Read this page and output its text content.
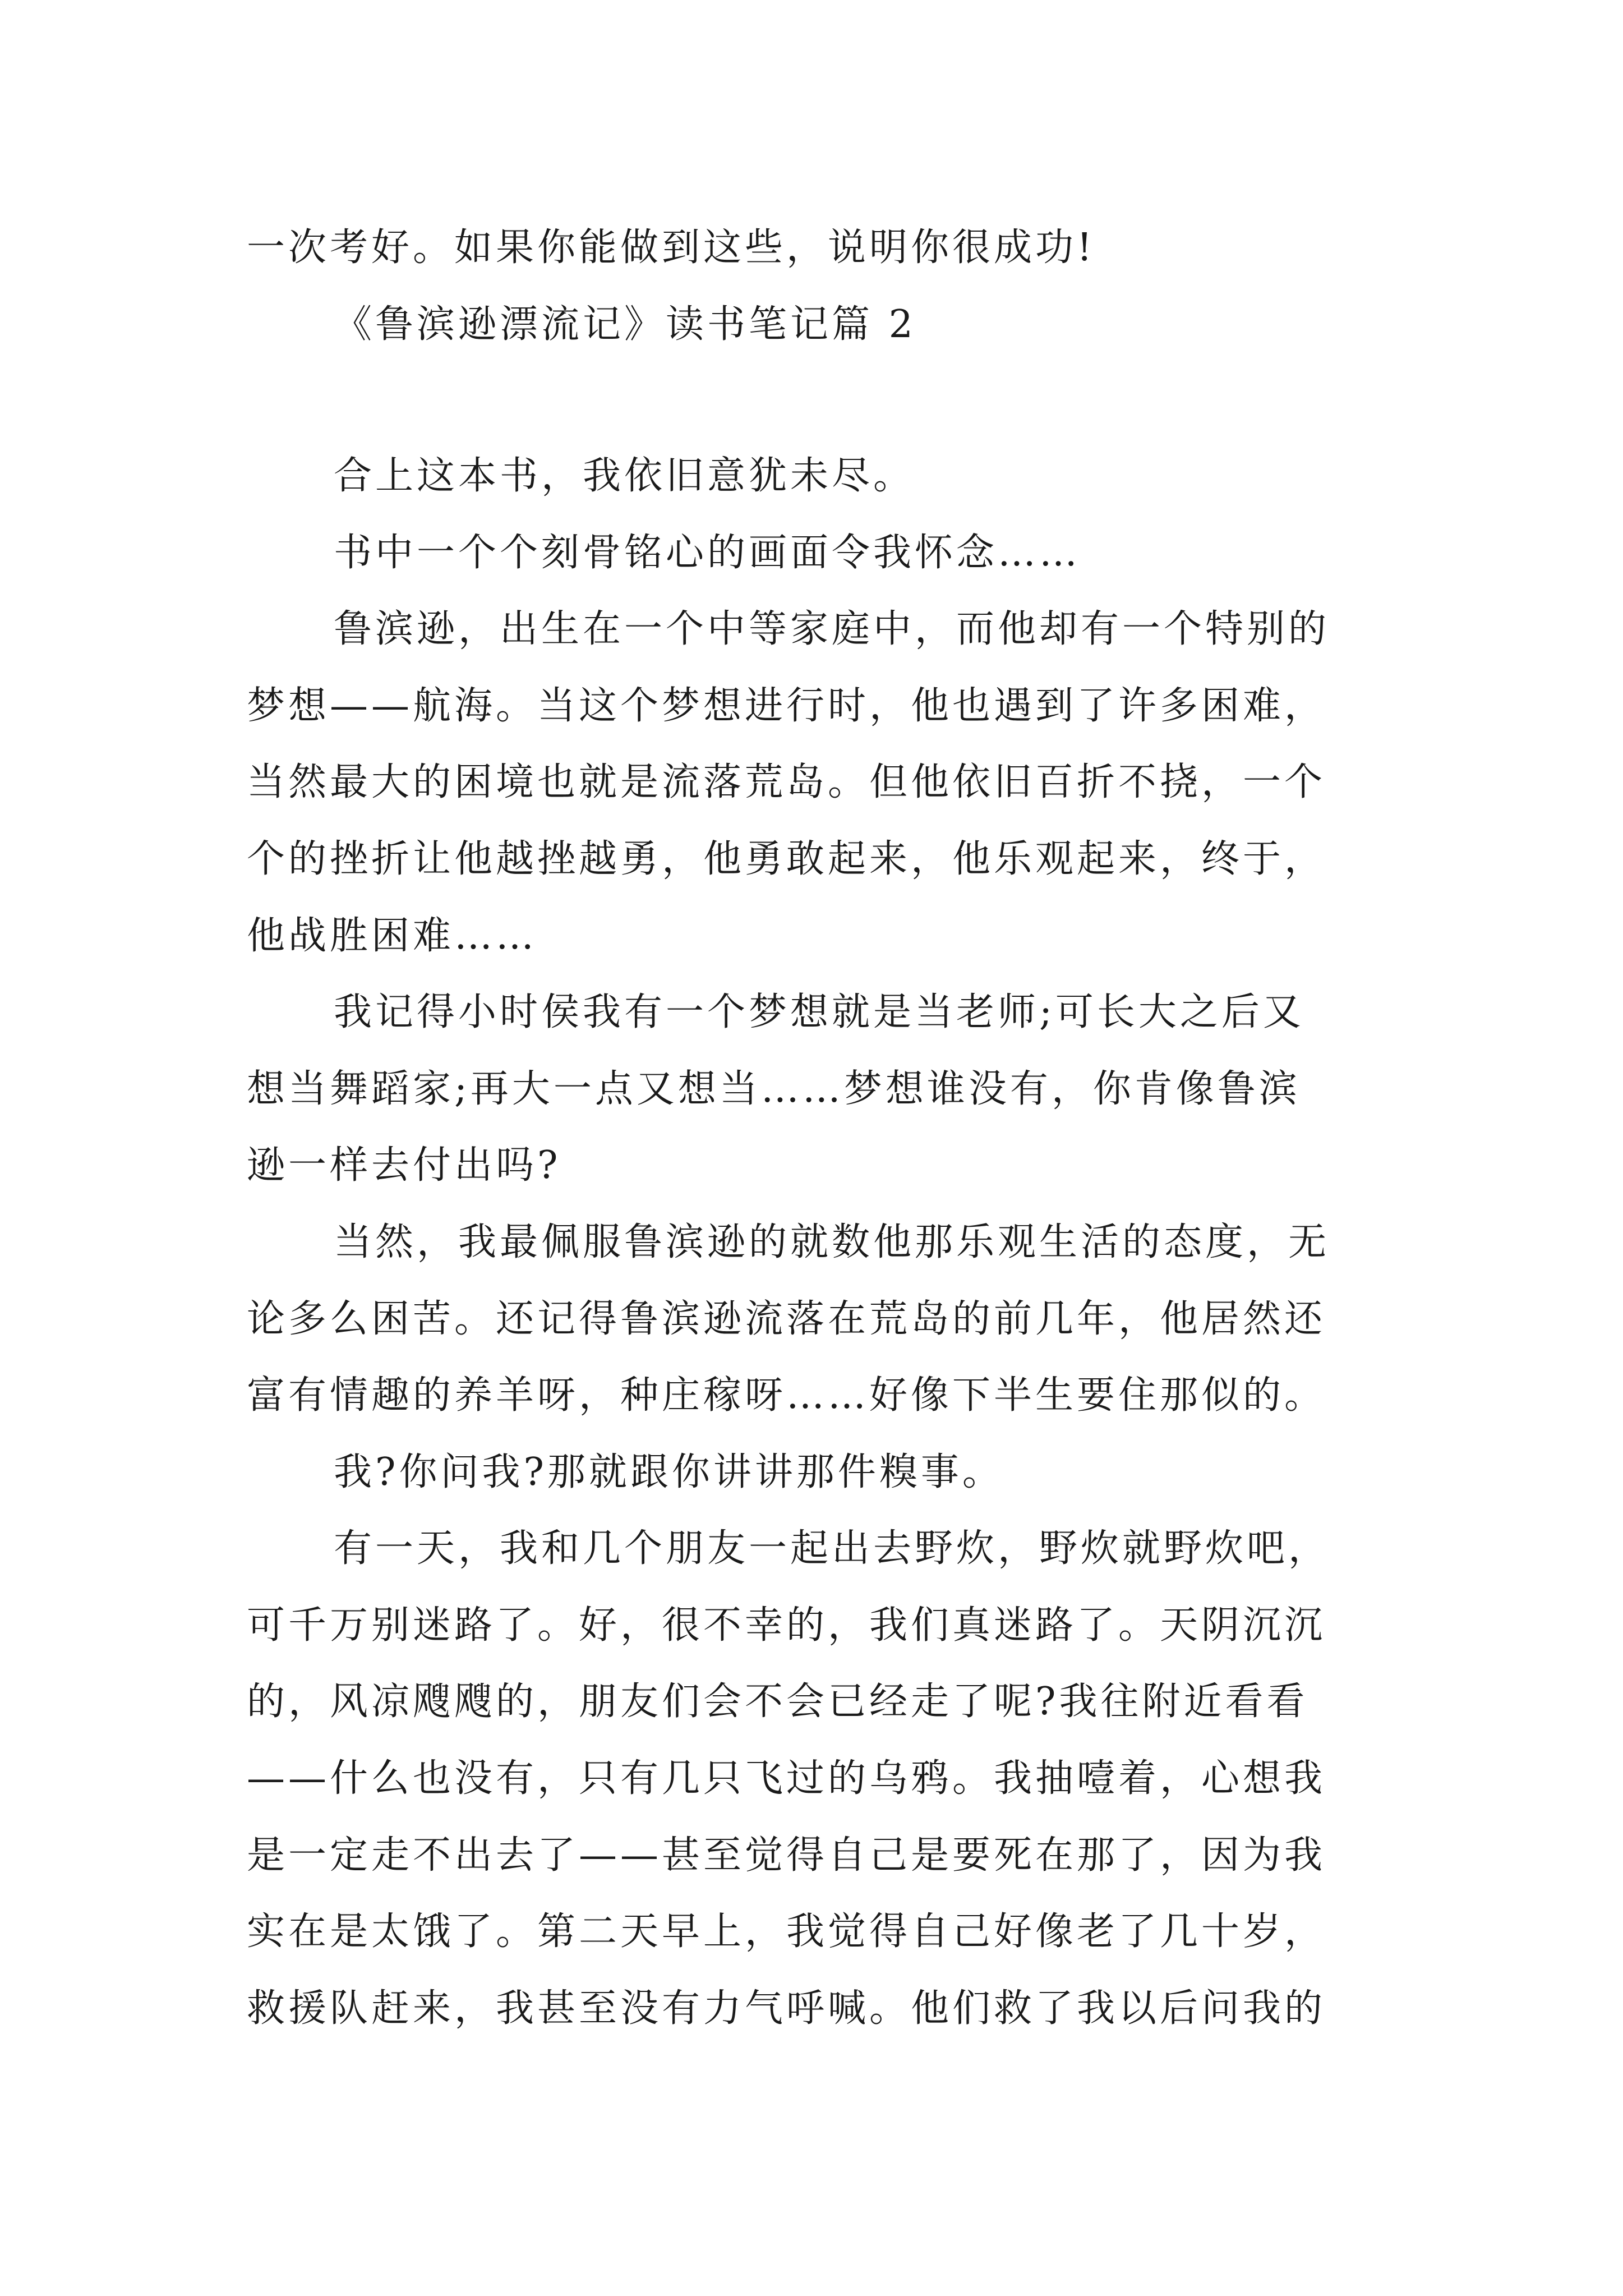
一次考好。如果你能做到这些，说明你很成功!
《鲁滨逊漂流记》读书笔记篇 2
合上这本书，我依旧意犹未尽。
书中一个个刻骨铭心的画面令我怀念……
鲁滨逊，出生在一个中等家庭中，而他却有一个特别的
梦想——航海。当这个梦想进行时，他也遇到了许多困难，
当然最大的困境也就是流落荒岛。但他依旧百折不挠，一个
个的挫折让他越挫越勇，他勇敢起来，他乐观起来，终于，
他战胜困难……
我记得小时侯我有一个梦想就是当老师;可长大之后又
想当舞蹈家;再大一点又想当……梦想谁没有，你肯像鲁滨
逊一样去付出吗?
当然，我最佩服鲁滨逊的就数他那乐观生活的态度，无
论多么困苦。还记得鲁滨逊流落在荒岛的前几年，他居然还
富有情趣的养羊呀，种庄稼呀……好像下半生要住那似的。
我?你问我?那就跟你讲讲那件糗事。
有一天，我和几个朋友一起出去野炊，野炊就野炊吧，
可千万别迷路了。好，很不幸的，我们真迷路了。天阴沉沉
的，风凉飕飕的，朋友们会不会已经走了呢?我往附近看看
——什么也没有，只有几只飞过的乌鸦。我抽噎着，心想我
是一定走不出去了——甚至觉得自己是要死在那了，因为我
实在是太饿了。第二天早上，我觉得自己好像老了几十岁，
救援队赶来，我甚至没有力气呼喊。他们救了我以后问我的
